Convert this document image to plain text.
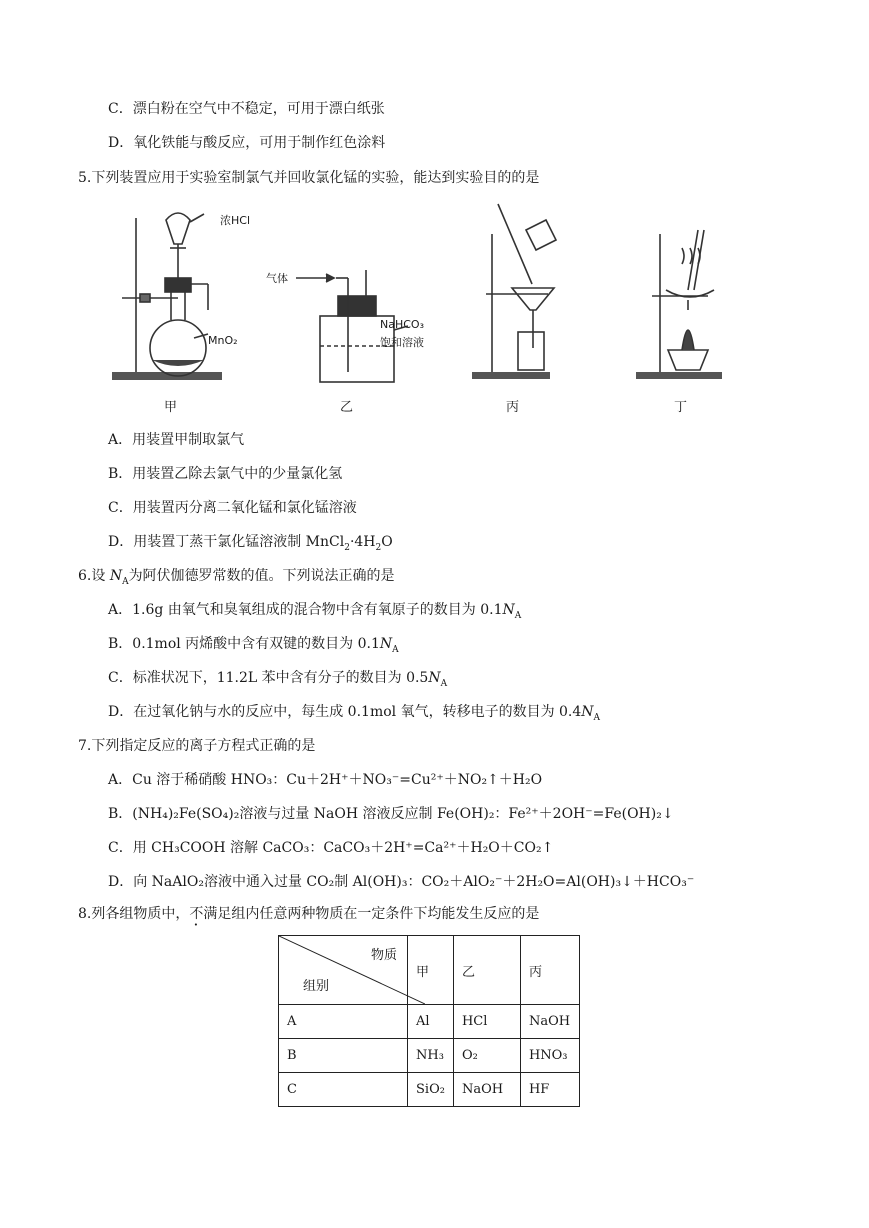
C．漂白粉在空气中不稳定，可用于漂白纸张
D．氧化铁能与酸反应，可用于制作红色涂料
5.下列装置应用于实验室制氯气并回收氯化锰的实验，能达到实验目的的是
浓HCl
MnO₂
气体
NaHCO₃
饱和溶液
甲	乙	丙	丁
A．用装置甲制取氯气
B．用装置乙除去氯气中的少量氯化氢
C．用装置丙分离二氧化锰和氯化锰溶液
D．用装置丁蒸干氯化锰溶液制 $MnCl_2\cdot 4H_2O$
6.设 $N_A$为阿伏伽德罗常数的值。下列说法正确的是
A．1.6g 由氧气和臭氧组成的混合物中含有氧原子的数目为 $0.1N_A$
B．0.1mol 丙烯酸中含有双键的数目为 $0.1N_A$
C．标准状况下，11.2L 苯中含有分子的数目为 $0.5N_A$
D．在过氧化钠与水的反应中，每生成 0.1mol 氧气，转移电子的数目为 $0.4N_A$
7.下列指定反应的离子方程式正确的是
A．Cu 溶于稀硝酸 HNO₃：Cu＋2H⁺＋NO₃⁻=Cu²⁺＋NO₂↑＋H₂O
B．(NH₄)₂Fe(SO₄)₂溶液与过量 NaOH 溶液反应制 Fe(OH)₂：Fe²⁺＋2OH⁻=Fe(OH)₂↓
C．用 CH₃COOH 溶解 CaCO₃：CaCO₃＋2H⁺=Ca²⁺＋H₂O＋CO₂↑
D．向 NaAlO₂溶液中通入过量 CO₂制 Al(OH)₃：CO₂＋AlO₂⁻＋2H₂O=Al(OH)₃↓＋HCO₃⁻
8.列各组物质中，不满足组内任意两种物质在一定条件下均能发生反应的是
物质
组别	甲	乙	丙
A	Al	HCl	NaOH
B	NH₃	O₂	HNO₃
C	SiO₂	NaOH	HF
